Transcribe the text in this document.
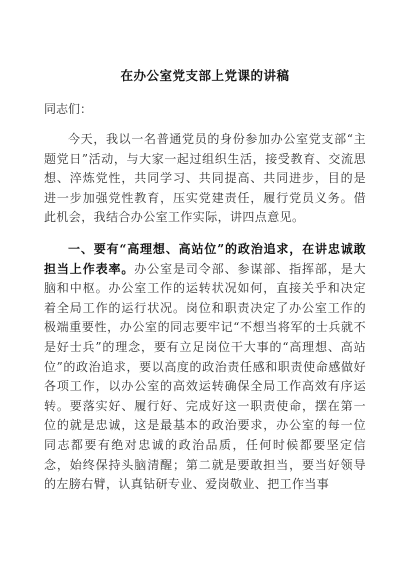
在办公室党支部上党课的讲稿

同志们：

今天，我以一名普通党员的身份参加办公室党支部“主题党日”活动，与大家一起过组织生活，接受教育、交流思想、淬炼党性，共同学习、共同提高、共同进步，目的是进一步加强党性教育，压实党建责任，履行党员义务。借此机会，我结合办公室工作实际，讲四点意见。

一、要有“高理想、高站位”的政治追求，在讲忠诚敢担当上作表率。办公室是司令部、参谋部、指挥部，是大脑和中枢。办公室工作的运转状况如何，直接关乎和决定着全局工作的运行状况。岗位和职责决定了办公室工作的极端重要性，办公室的同志要牢记“不想当将军的士兵就不是好士兵”的理念，要有立足岗位干大事的“高理想、高站位”的政治追求，要以高度的政治责任感和职责使命感做好各项工作，以办公室的高效运转确保全局工作高效有序运转。要落实好、履行好、完成好这一职责使命，摆在第一位的就是忠诚，这是最基本的政治要求，办公室的每一位同志都要有绝对忠诚的政治品质，任何时候都要坚定信念，始终保持头脑清醒；第二就是要敢担当，要当好领导的左膀右臂，认真钻研专业、爱岗敬业、把工作当事
